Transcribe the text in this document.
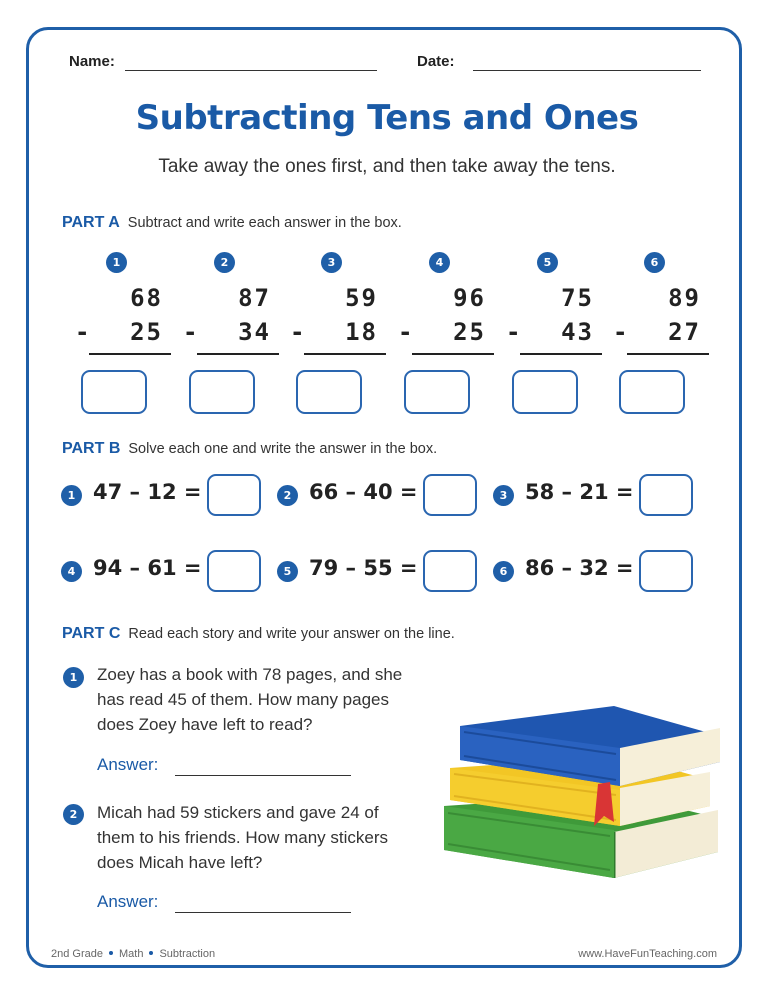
Name:	Date:
Subtracting Tens and Ones
Take away the ones first, and then take away the tens.
PART A Subtract and write each answer in the box.
1
68
- 25
2
87
- 34
3
59
- 18
4
96
- 25
5
75
- 43
6
89
- 27
PART B Solve each one and write the answer in the box.
1 47 – 12 =	2 66 – 40 =	3 58 – 21 =
4 94 – 61 =	5 79 – 55 =	6 86 – 32 =
PART C Read each story and write your answer on the line.
1	Zoey has a book with 78 pages, and she has read 45 of them. How many pages does Zoey have left to read?
Answer:
2	Micah had 59 stickers and gave 24 of them to his friends. How many stickers does Micah have left?
Answer:
2nd Grade Math Subtraction	www.HaveFunTeaching.com
